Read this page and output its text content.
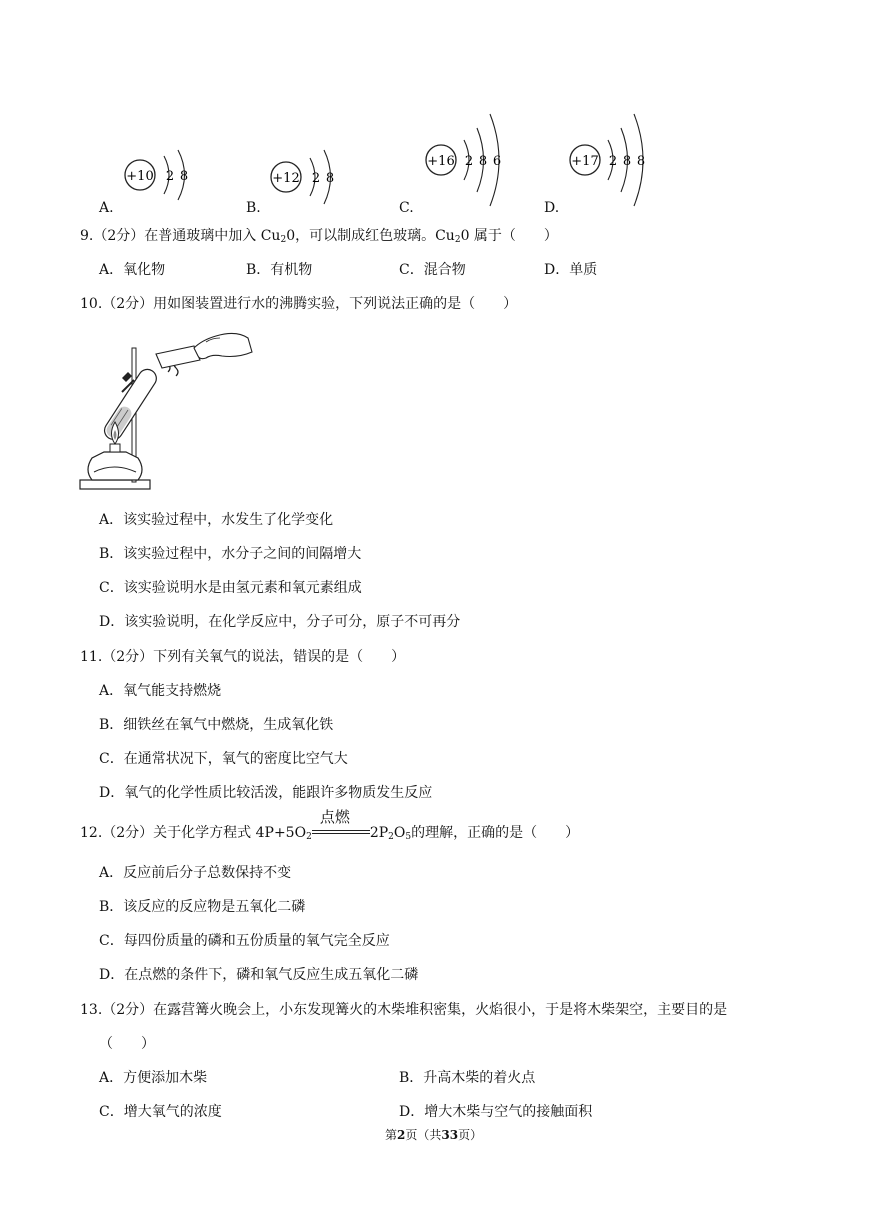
+10 2 8
A.
+12 2 8
B.
+16 2 8 6
C.
+17 2 8 8
D.
9.（2分）在普通玻璃中加入 $Cu_20$，可以制成红色玻璃。$Cu_20$ 属于（　　）
A．氧化物	B．有机物	C．混合物	D．单质
10.（2分）用如图装置进行水的沸腾实验，下列说法正确的是（　　）
A．该实验过程中，水发生了化学变化
B．该实验过程中，水分子之间的间隔增大
C．该实验说明水是由氢元素和氧元素组成
D．该实验说明，在化学反应中，分子可分，原子不可再分
11.（2分）下列有关氧气的说法，错误的是（　　）
A．氧气能支持燃烧
B．细铁丝在氧气中燃烧，生成氧化铁
C．在通常状况下，氧气的密度比空气大
D．氧气的化学性质比较活泼，能跟许多物质发生反应
12.（2分）关于化学方程式 $4P+5O_2$
点燃
$2P_2O_5$的理解，正确的是（　　）
A．反应前后分子总数保持不变
B．该反应的反应物是五氧化二磷
C．每四份质量的磷和五份质量的氧气完全反应
D．在点燃的条件下，磷和氧气反应生成五氧化二磷
13.（2分）在露营篝火晚会上，小东发现篝火的木柴堆积密集，火焰很小，于是将木柴架空，主要目的是
（　　）
A．方便添加木柴	B．升高木柴的着火点
C．增大氧气的浓度	D．增大木柴与空气的接触面积
第2页（共33页）
